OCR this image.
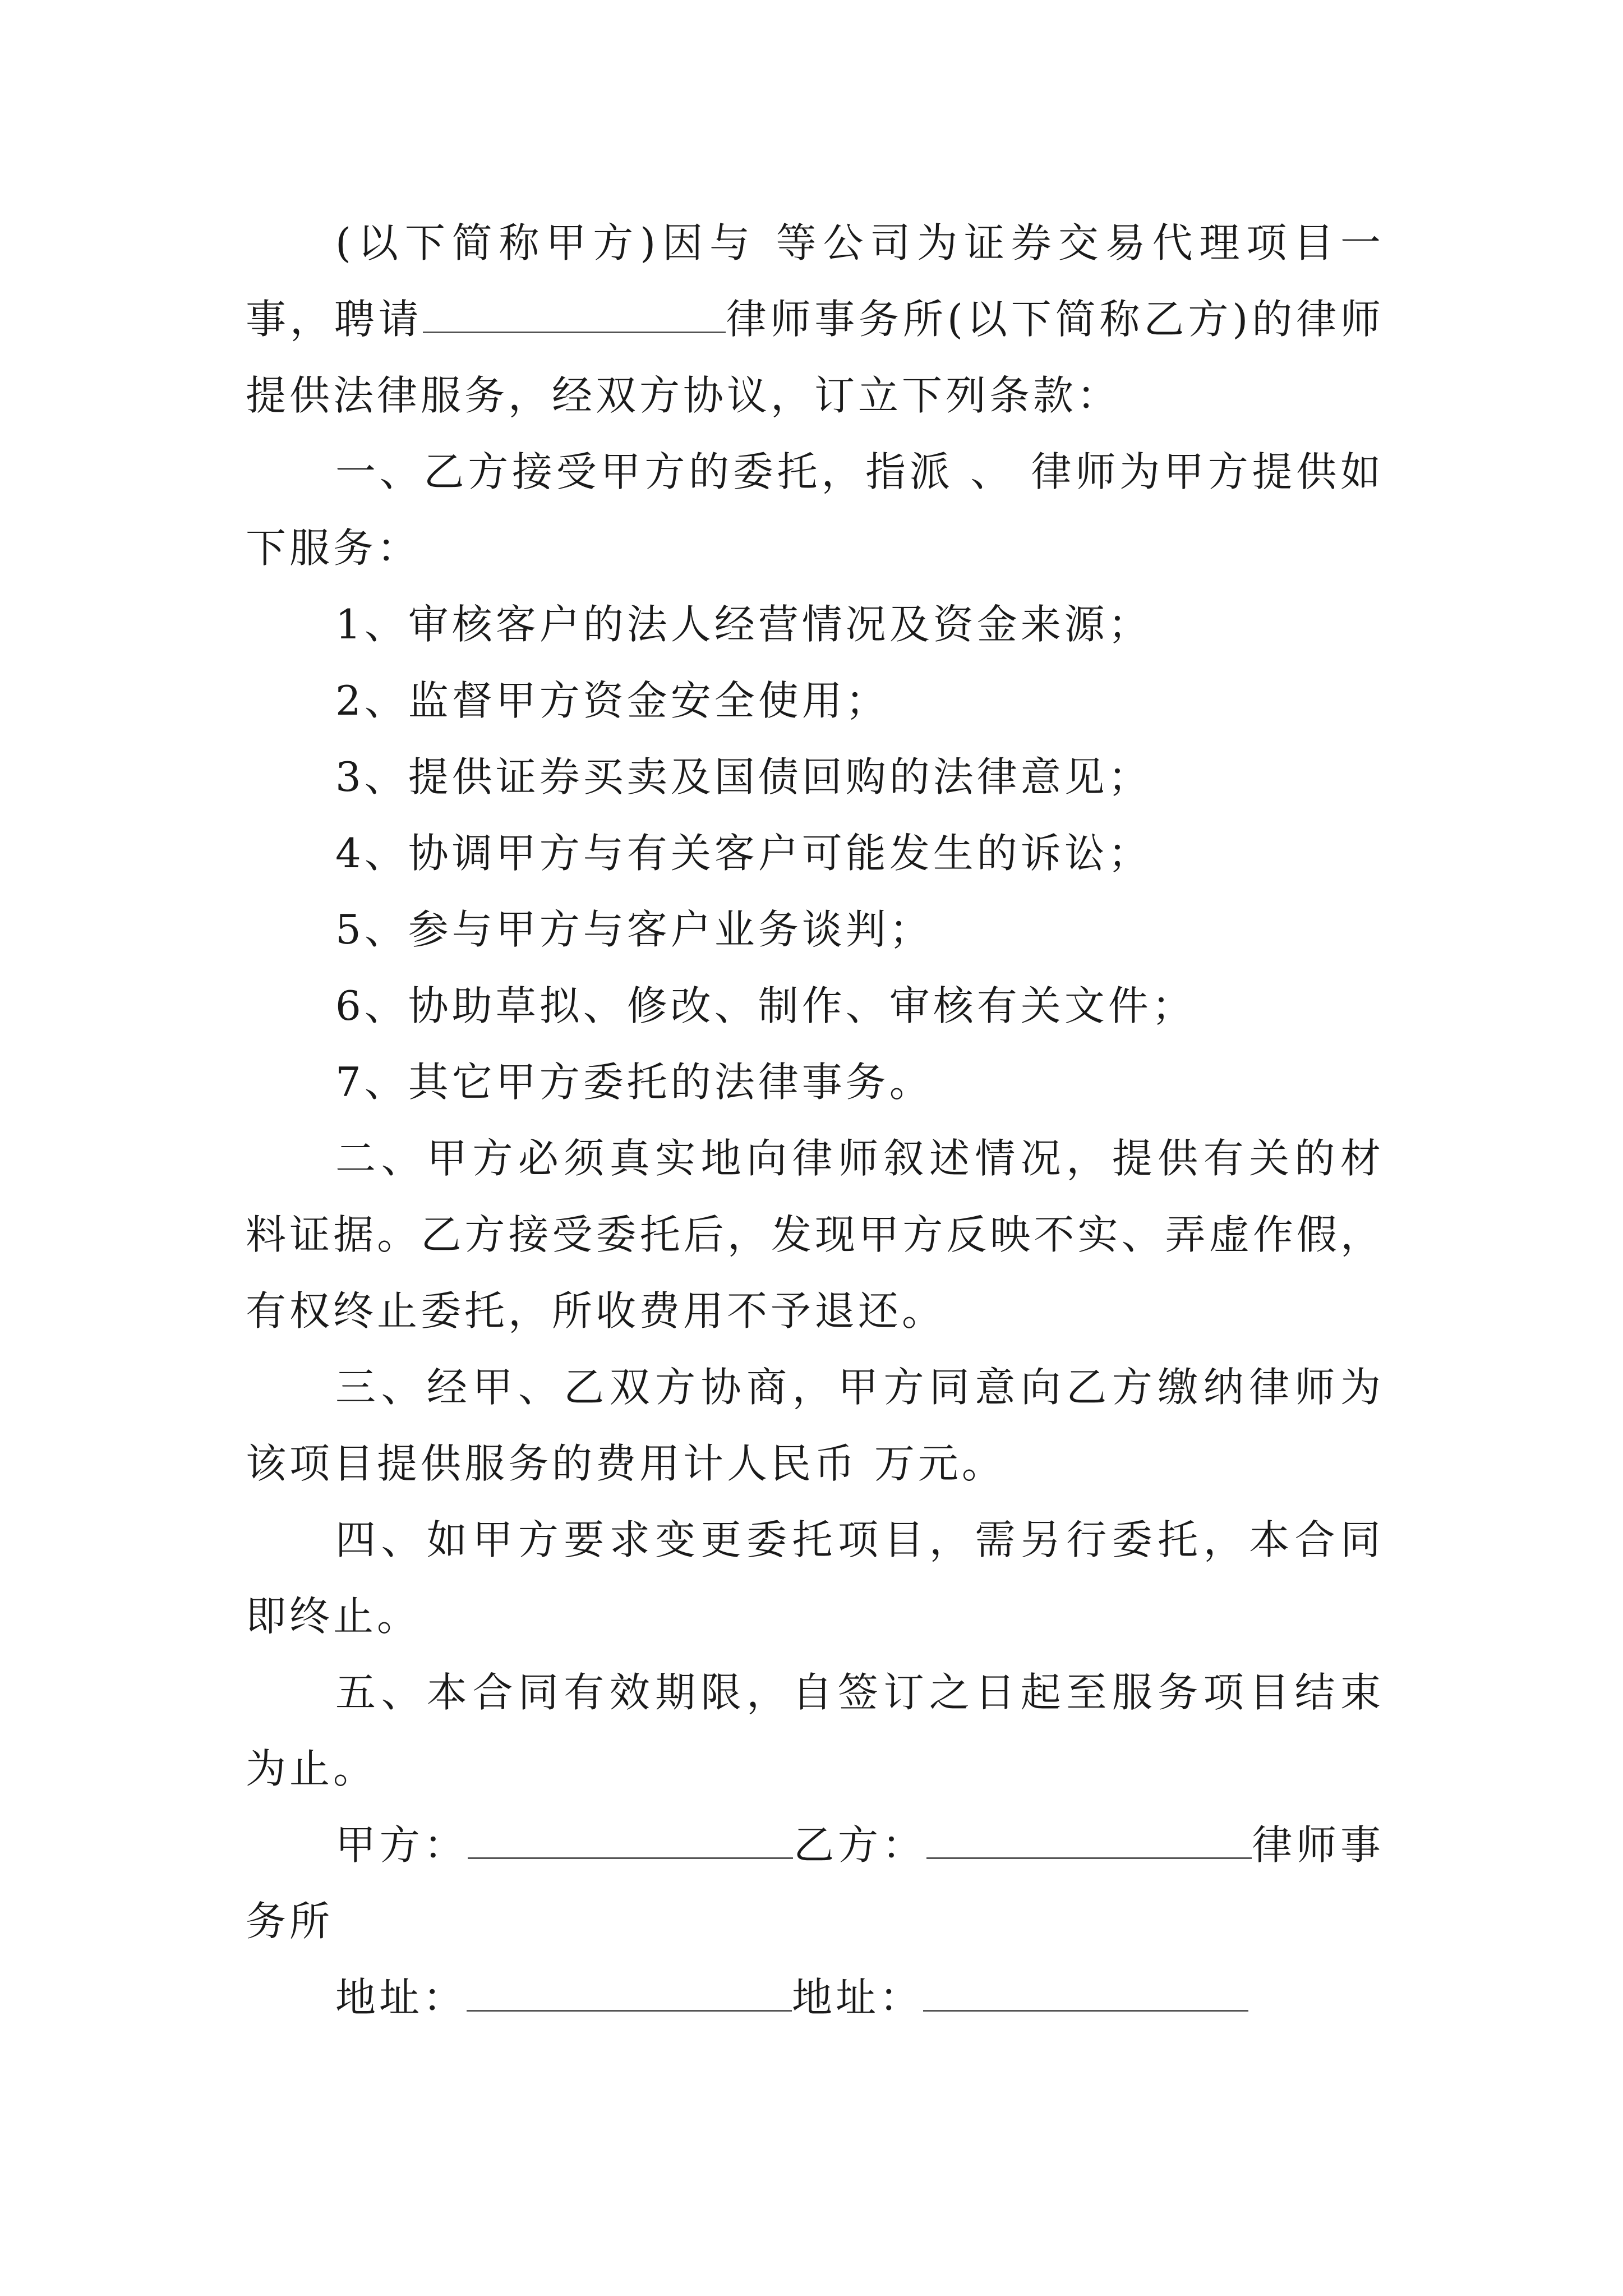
(以下简称甲方)因与 等公司为证券交易代理项目一事，聘请	律师事务所(以下简称乙方)的律师提供法律服务，经双方协议，订立下列条款：

一、乙方接受甲方的委托，指派 、 律师为甲方提供如下服务：

1、审核客户的法人经营情况及资金来源；

2、监督甲方资金安全使用；

3、提供证券买卖及国债回购的法律意见；

4、协调甲方与有关客户可能发生的诉讼；

5、参与甲方与客户业务谈判；

6、协助草拟、修改、制作、审核有关文件；

7、其它甲方委托的法律事务。

二、甲方必须真实地向律师叙述情况，提供有关的材料证据。乙方接受委托后，发现甲方反映不实、弄虚作假，有权终止委托，所收费用不予退还。

三、经甲、乙双方协商，甲方同意向乙方缴纳律师为该项目提供服务的费用计人民币 万元。

四、如甲方要求变更委托项目，需另行委托，本合同即终止。

五、本合同有效期限，自签订之日起至服务项目结束为止。

甲方：	乙方：	律师事务所

地址：	地址：
